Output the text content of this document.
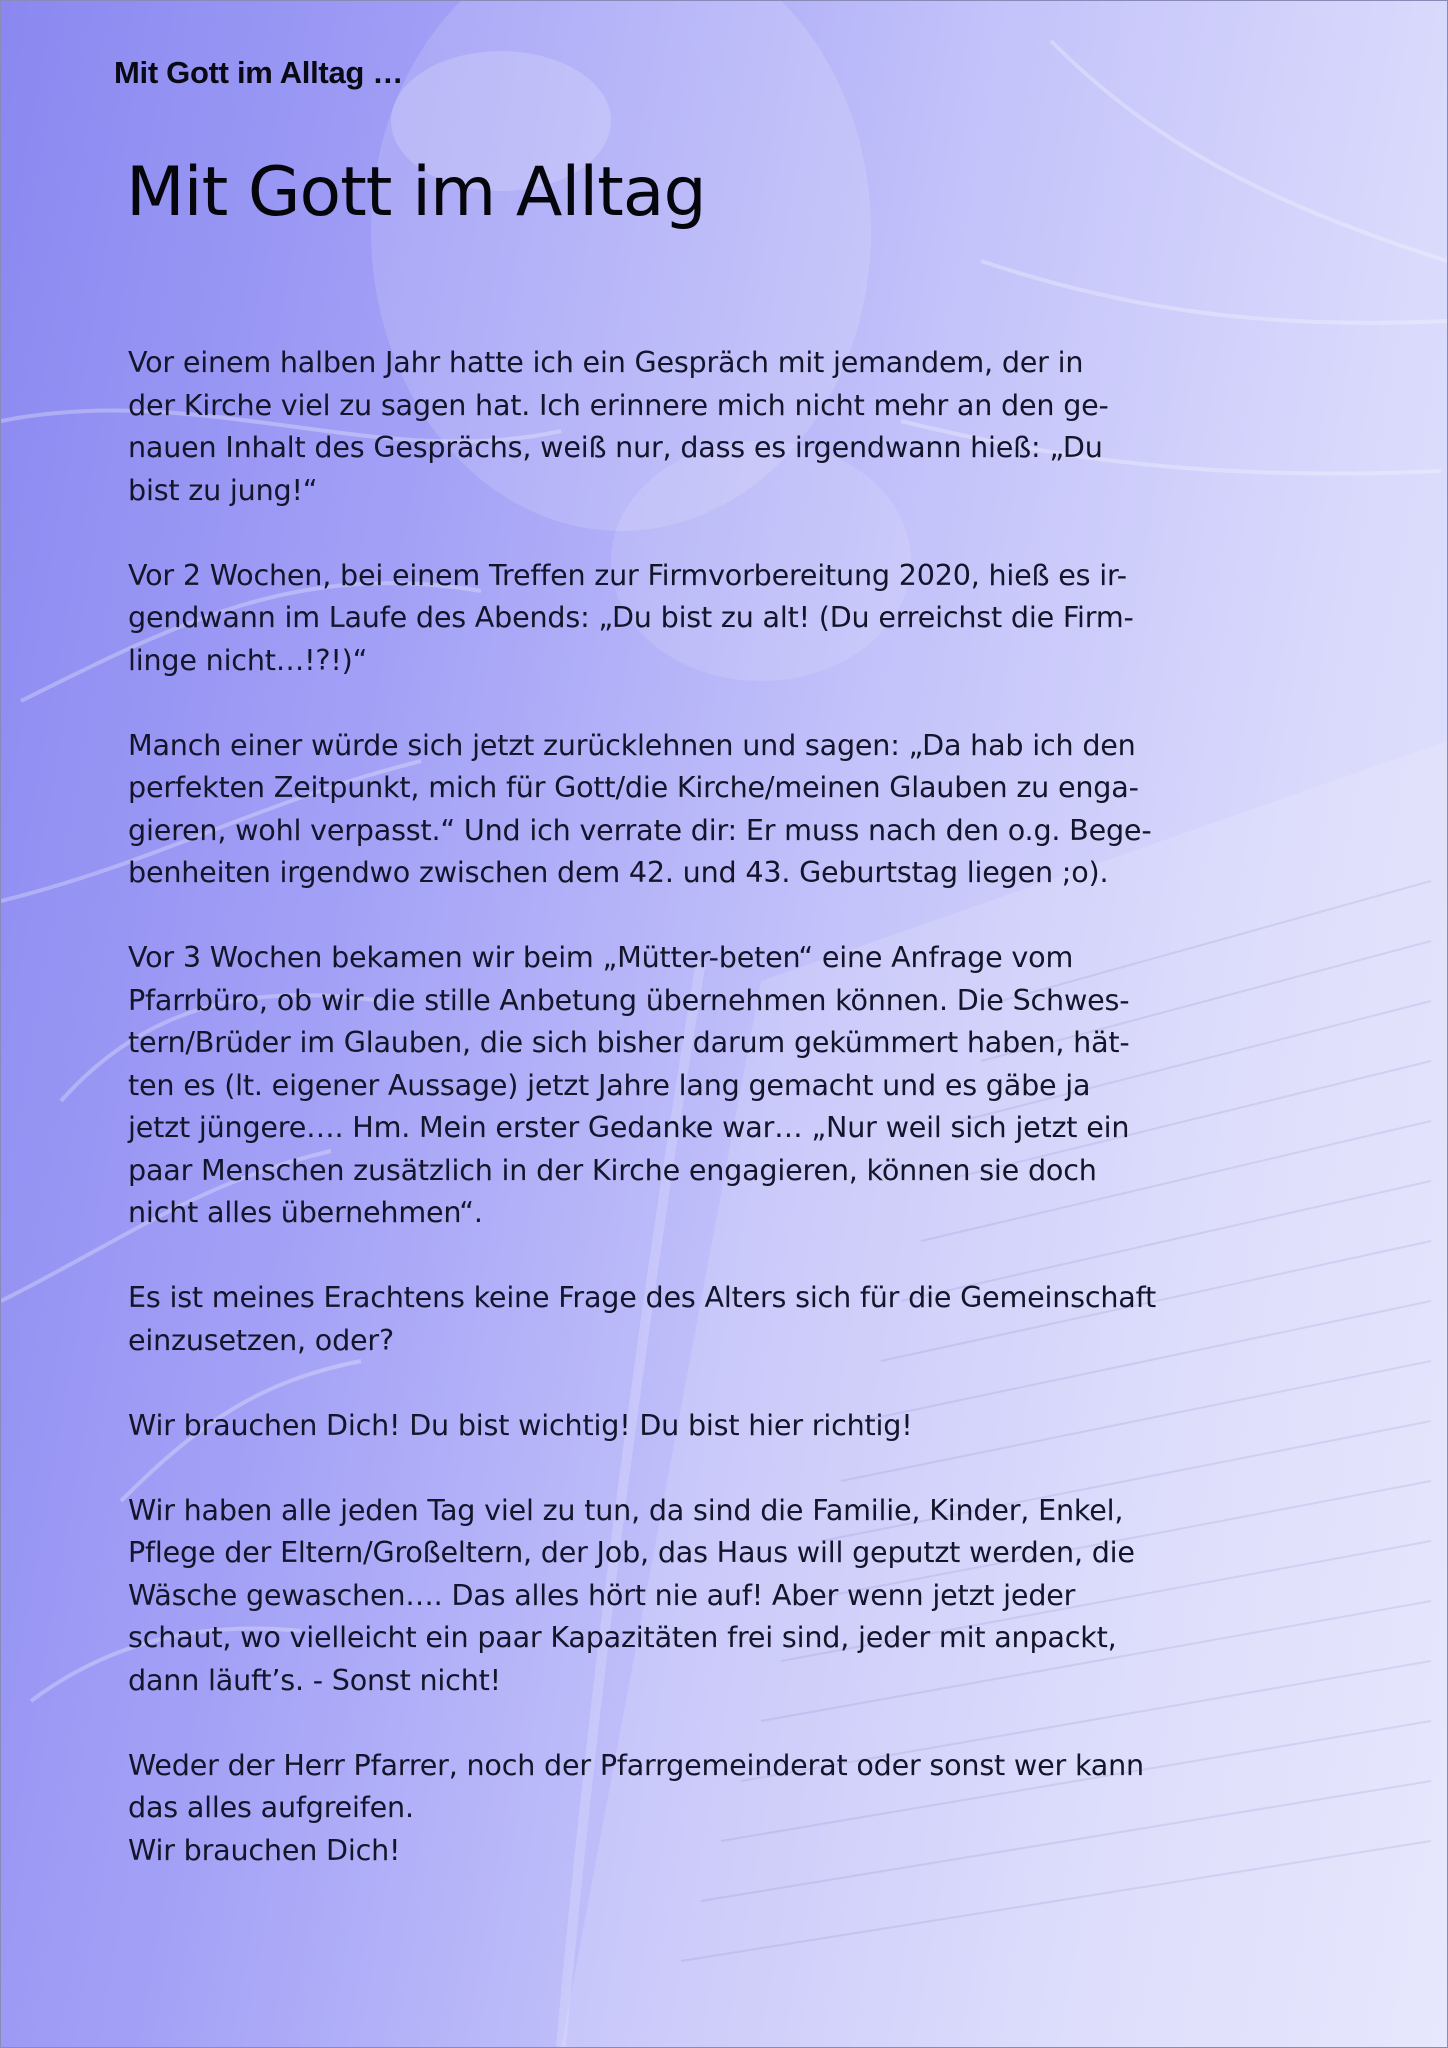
Mit Gott im Alltag …
Mit Gott im Alltag

Vor einem halben Jahr hatte ich ein Gespräch mit jemandem, der in
der Kirche viel zu sagen hat. Ich erinnere mich nicht mehr an den ge-
nauen Inhalt des Gesprächs, weiß nur, dass es irgendwann hieß: „Du
bist zu jung!“

Vor 2 Wochen, bei einem Treffen zur Firmvorbereitung 2020, hieß es ir-
gendwann im Laufe des Abends: „Du bist zu alt! (Du erreichst die Firm-
linge nicht…!?!)“

Manch einer würde sich jetzt zurücklehnen und sagen: „Da hab ich den
perfekten Zeitpunkt, mich für Gott/die Kirche/meinen Glauben zu enga-
gieren, wohl verpasst.“ Und ich verrate dir: Er muss nach den o.g. Bege-
benheiten irgendwo zwischen dem 42. und 43. Geburtstag liegen ;o).

Vor 3 Wochen bekamen wir beim „Mütter-beten“ eine Anfrage vom
Pfarrbüro, ob wir die stille Anbetung übernehmen können. Die Schwes-
tern/Brüder im Glauben, die sich bisher darum gekümmert haben, hät-
ten es (lt. eigener Aussage) jetzt Jahre lang gemacht und es gäbe ja
jetzt jüngere…. Hm. Mein erster Gedanke war… „Nur weil sich jetzt ein
paar Menschen zusätzlich in der Kirche engagieren, können sie doch
nicht alles übernehmen“.

Es ist meines Erachtens keine Frage des Alters sich für die Gemeinschaft
einzusetzen, oder?

Wir brauchen Dich! Du bist wichtig! Du bist hier richtig!

Wir haben alle jeden Tag viel zu tun, da sind die Familie, Kinder, Enkel,
Pflege der Eltern/Großeltern, der Job, das Haus will geputzt werden, die
Wäsche gewaschen…. Das alles hört nie auf! Aber wenn jetzt jeder
schaut, wo vielleicht ein paar Kapazitäten frei sind, jeder mit anpackt,
dann läuft’s. - Sonst nicht!

Weder der Herr Pfarrer, noch der Pfarrgemeinderat oder sonst wer kann
das alles aufgreifen.
Wir brauchen Dich!
